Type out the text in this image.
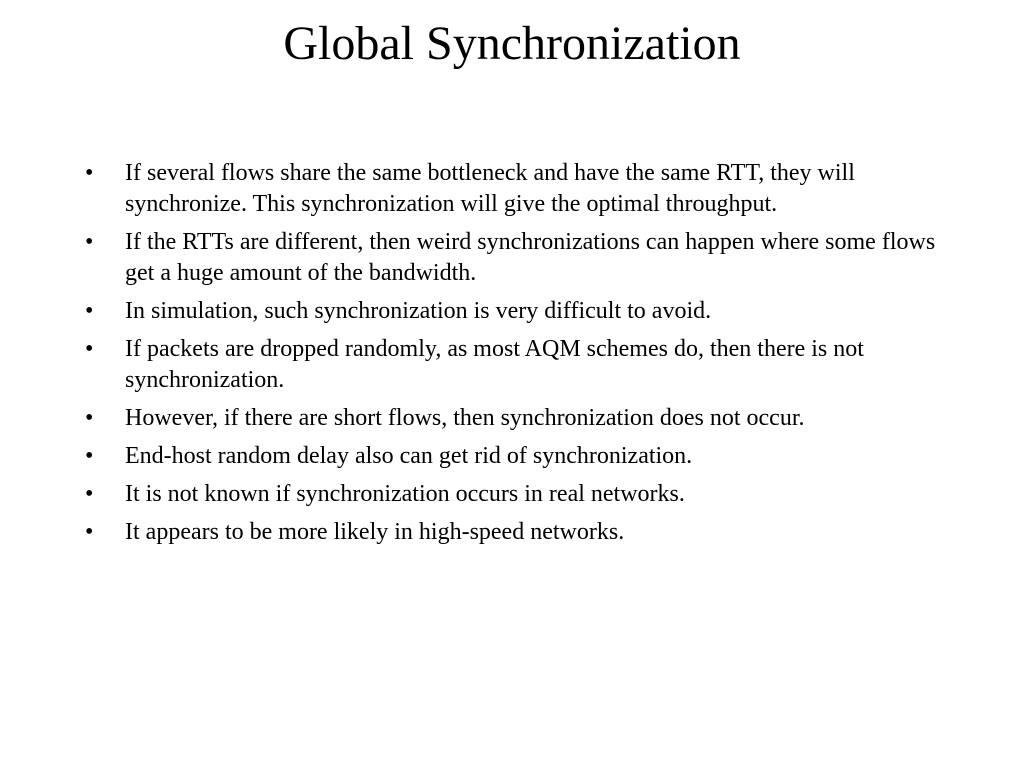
Global Synchronization
•	If several flows share the same bottleneck and have the same RTT, they will synchronize. This synchronization will give the optimal throughput.
•	If the RTTs are different, then weird synchronizations can happen where some flows get a huge amount of the bandwidth.
•	In simulation, such synchronization is very difficult to avoid.
•	If packets are dropped randomly, as most AQM schemes do, then there is not synchronization.
•	However, if there are short flows, then synchronization does not occur.
•	End-host random delay also can get rid of synchronization.
•	It is not known if synchronization occurs in real networks.
•	It appears to be more likely in high-speed networks.
